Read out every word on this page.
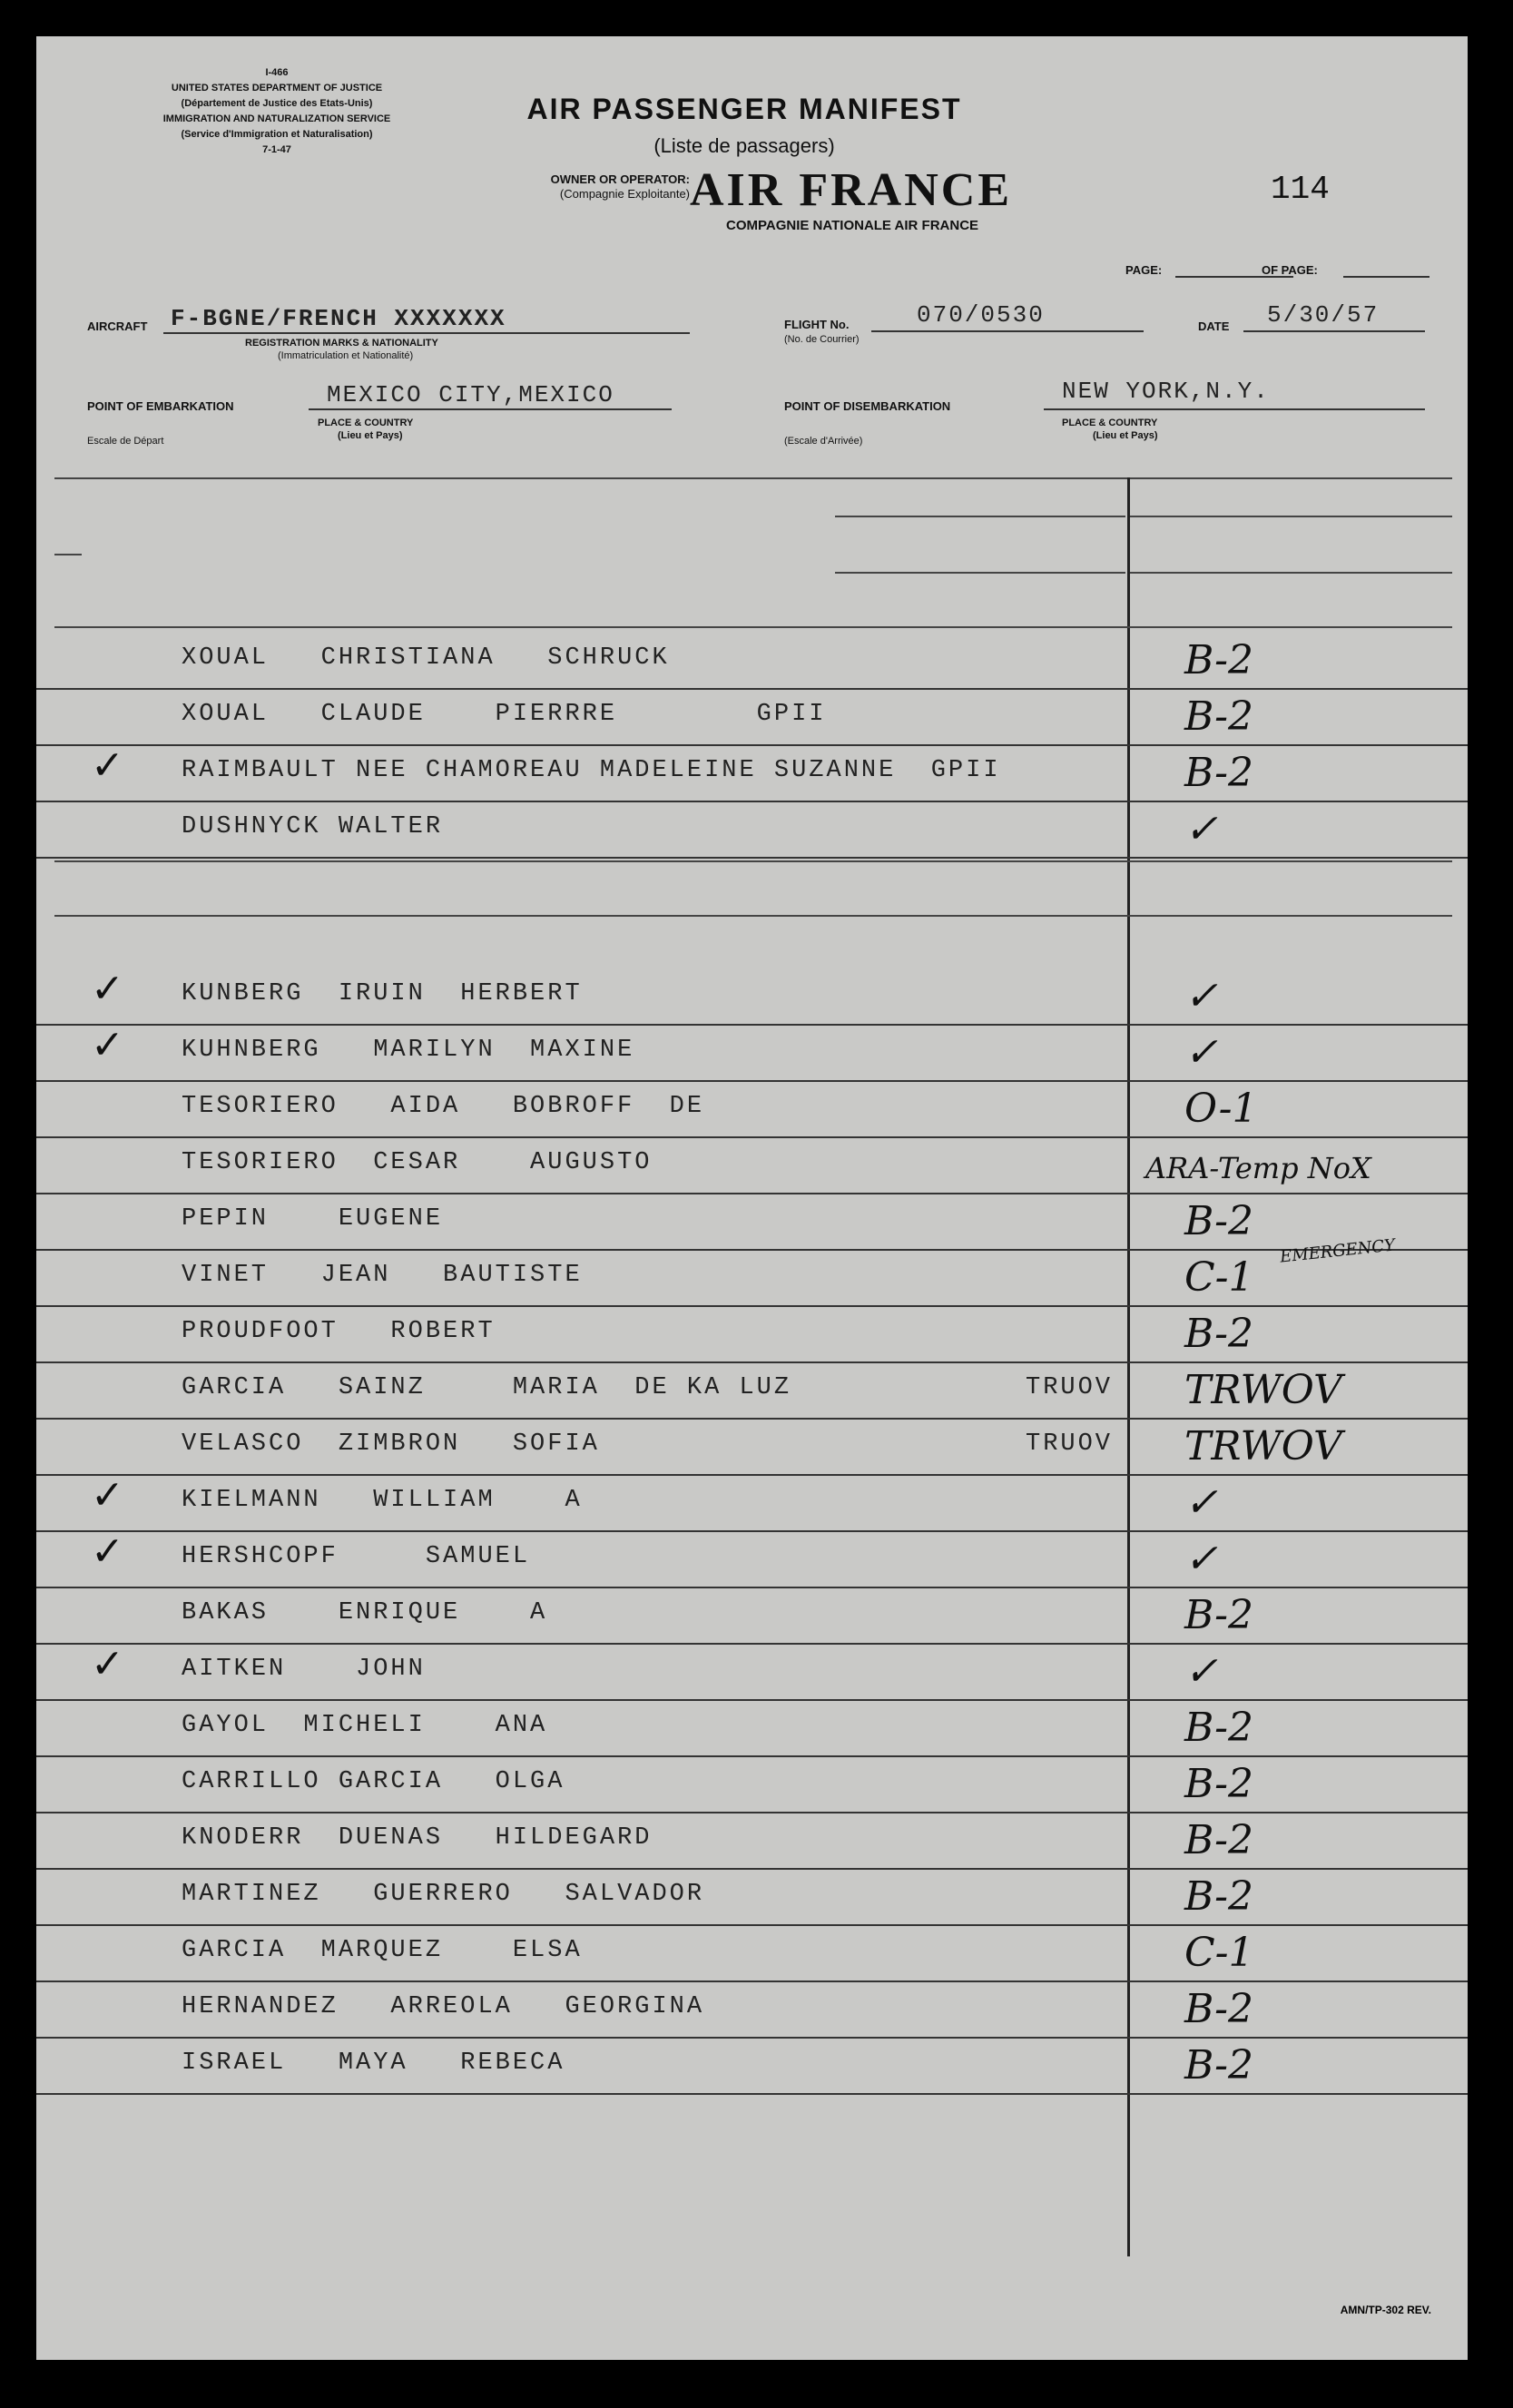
I-466
UNITED STATES DEPARTMENT OF JUSTICE
(Département de Justice des Etats-Unis)
IMMIGRATION AND NATURALIZATION SERVICE
(Service d'Immigration et Naturalisation)
7-1-47
AIR PASSENGER MANIFEST
(Liste de passagers)
OWNER OR OPERATOR:
(Compagnie Exploitante) AIR FRANCE
COMPAGNIE NATIONALE AIR FRANCE
114
PAGE:	OF PAGE:
AIRCRAFT F-BGNE/FRENCH XXXXXXX
REGISTRATION MARKS & NATIONALITY
(Immatriculation et Nationalité)
FLIGHT No.
(No. de Courrier)
070/0530	DATE 5/30/57
POINT OF EMBARKATION	MEXICO CITY,MEXICO
PLACE & COUNTRY
(Lieu et Pays)
Escale de Départ
POINT OF DISEMBARKATION
NEW YORK,N.Y.
PLACE & COUNTRY
(Lieu et Pays)
(Escale d'Arrivée)
XOUAL   CHRISTIANA   SCHRUCK	B-2
XOUAL   CLAUDE    PIERRRE        GPII	B-2
✓ RAIMBAULT NEE CHAMOREAU MADELEINE SUZANNE  GPII	B-2
DUSHNYCK WALTER	✓
✓ KUNBERG  IRUIN  HERBERT	✓
✓ KUHNBERG   MARILYN  MAXINE	✓
TESORIERO   AIDA   BOBROFF  DE	O-1
TESORIERO  CESAR    AUGUSTO	ARA-Temp NoX
PEPIN    EUGENE	B-2
VINET   JEAN   BAUTISTE	C-1
PROUDFOOT   ROBERT	B-2
GARCIA   SAINZ     MARIA  DE KA LUZ	TRUOV TRWOV
VELASCO  ZIMBRON   SOFIA	TRUOV TRWOV
✓ KIELMANN   WILLIAM    A	✓
✓ HERSHCOPF     SAMUEL	✓
BAKAS    ENRIQUE    A	B-2
✓ AITKEN    JOHN	✓
GAYOL  MICHELI    ANA	B-2
CARRILLO GARCIA   OLGA	B-2
KNODERR  DUENAS   HILDEGARD	B-2
MARTINEZ   GUERRERO   SALVADOR	B-2
GARCIA  MARQUEZ    ELSA	C-1
HERNANDEZ   ARREOLA   GEORGINA	B-2
ISRAEL   MAYA   REBECA	B-2
EMERGENCY
AMN/TP-302 REV.
